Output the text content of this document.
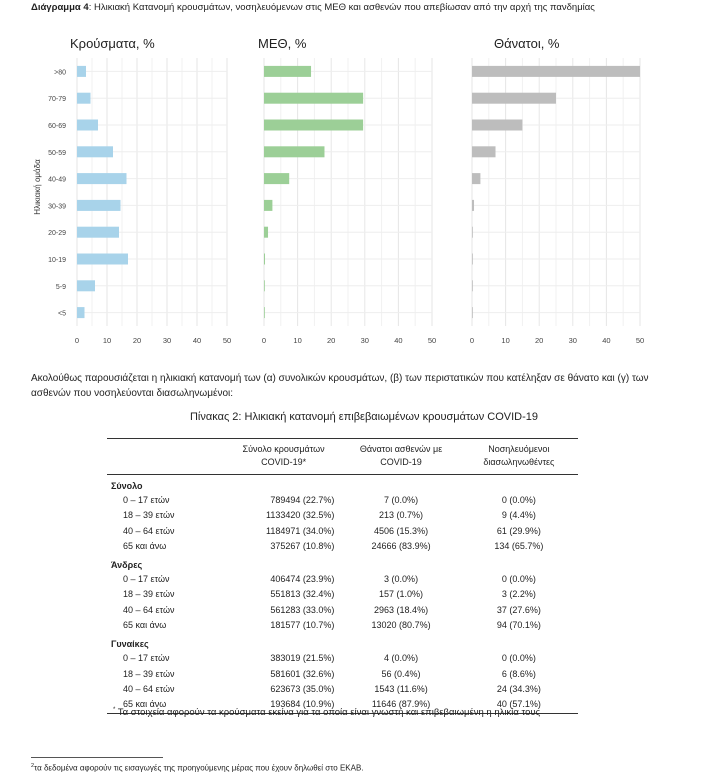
Διάγραμμα 4: Ηλικιακή Κατανομή κρουσμάτων, νοσηλευόμενων στις ΜΕΘ και ασθενών που απεβίωσαν από την αρχή της πανδημίας
Κρούσματα, %
>80
70-79
60-69
50-59
40-49
30-39
20-29
10-19
5-9
<5
0	10	20	30	40	50
Ηλικιακή ομάδα
ΜΕΘ, %
0	10	20	30	40	50
Θάνατοι, %
0	10	20	30	40	50
Ακολούθως παρουσιάζεται η ηλικιακή κατανομή των (α) συνολικών κρουσμάτων, (β) των περιστατικών που κατέληξαν σε θάνατο και (γ) των ασθενών που νοσηλεύονται διασωληνωμένοι:
Πίνακας 2: Ηλικιακή κατανομή επιβεβαιωμένων κρουσμάτων COVID-19
	Σύνολο κρουσμάτων COVID-19*	Θάνατοι ασθενών με COVID-19	Νοσηλευόμενοι διασωληνωθέντες
Σύνολο			
0 – 17 ετών	789494 (22.7%)	7 (0.0%)	0 (0.0%)
18 – 39 ετών	1133420 (32.5%)	213 (0.7%)	9 (4.4%)
40 – 64 ετών	1184971 (34.0%)	4506 (15.3%)	61 (29.9%)
65 και άνω	375267 (10.8%)	24666 (83.9%)	134 (65.7%)
Άνδρες			
0 – 17 ετών	406474 (23.9%)	3 (0.0%)	0 (0.0%)
18 – 39 ετών	551813 (32.4%)	157 (1.0%)	3 (2.2%)
40 – 64 ετών	561283 (33.0%)	2963 (18.4%)	37 (27.6%)
65 και άνω	181577 (10.7%)	13020 (80.7%)	94 (70.1%)
Γυναίκες			
0 – 17 ετών	383019 (21.5%)	4 (0.0%)	0 (0.0%)
18 – 39 ετών	581601 (32.6%)	56 (0.4%)	6 (8.6%)
40 – 64 ετών	623673 (35.0%)	1543 (11.6%)	24 (34.3%)
65 και άνω	193684 (10.9%)	11646 (87.9%)	40 (57.1%)
* Τα στοιχεία αφορούν τα κρούσματα εκείνα για τα οποία είναι γνωστή και επιβεβαιωμένη η ηλικία τους
$^2$τα δεδομένα αφορούν τις εισαγωγές της προηγούμενης μέρας που έχουν δηλωθεί στο ΕΚΑΒ.
